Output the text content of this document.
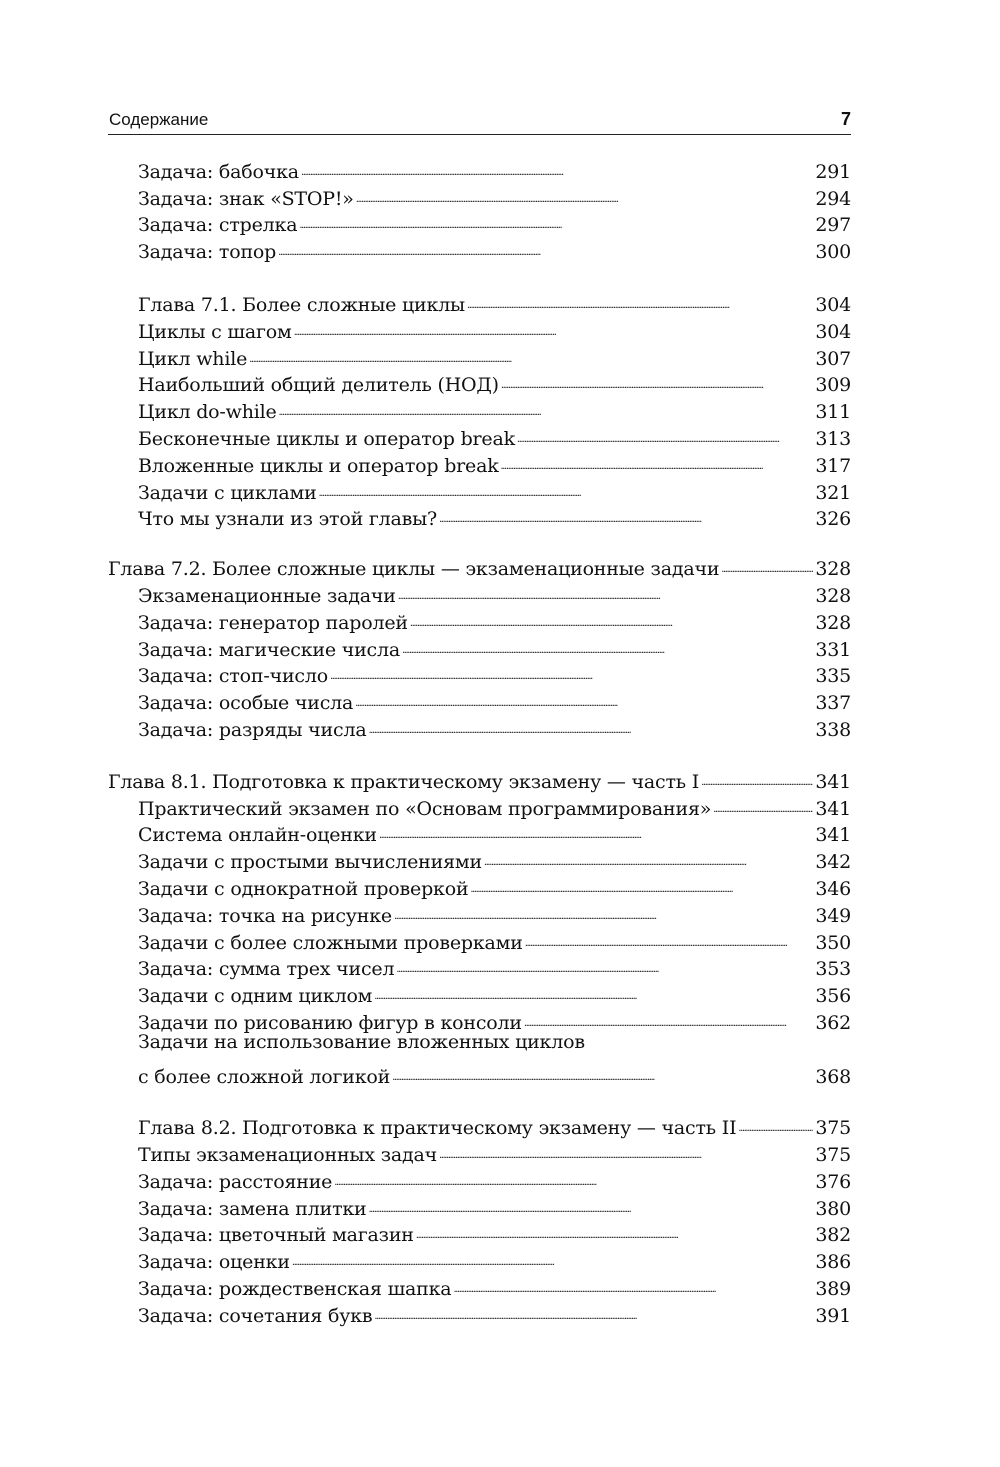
Содержание	7
Задача: бабочка . . .	291
Задача: знак «STOP!» . . .	294
Задача: стрелка . . .	297
Задача: топор . . .	300
Глава 7.1. Более сложные циклы . . .	304
Циклы с шагом . . .	304
Цикл while . . .	307
Наибольший общий делитель (НОД) . . .	309
Цикл do-while . . .	311
Бесконечные циклы и оператор break . . .	313
Вложенные циклы и оператор break . . .	317
Задачи с циклами . . .	321
Что мы узнали из этой главы? . . .	326
Глава 7.2. Более сложные циклы — экзаменационные задачи . . .	328
Экзаменационные задачи . . .	328
Задача: генератор паролей . . .	328
Задача: магические числа . . .	331
Задача: стоп-число . . .	335
Задача: особые числа . . .	337
Задача: разряды числа . . .	338
Глава 8.1. Подготовка к практическому экзамену — часть I . . .	341
Практический экзамен по «Основам программирования» . . .	341
Система онлайн-оценки . . .	341
Задачи с простыми вычислениями . . .	342
Задачи с однократной проверкой . . .	346
Задача: точка на рисунке . . .	349
Задачи с более сложными проверками . . .	350
Задача: сумма трех чисел . . .	353
Задачи с одним циклом . . .	356
Задачи по рисованию фигур в консоли . . .	362
Задачи на использование вложенных циклов
с более сложной логикой . . .	368
Глава 8.2. Подготовка к практическому экзамену — часть II . . .	375
Типы экзаменационных задач . . .	375
Задача: расстояние . . .	376
Задача: замена плитки . . .	380
Задача: цветочный магазин . . .	382
Задача: оценки . . .	386
Задача: рождественская шапка . . .	389
Задача: сочетания букв . . .	391
